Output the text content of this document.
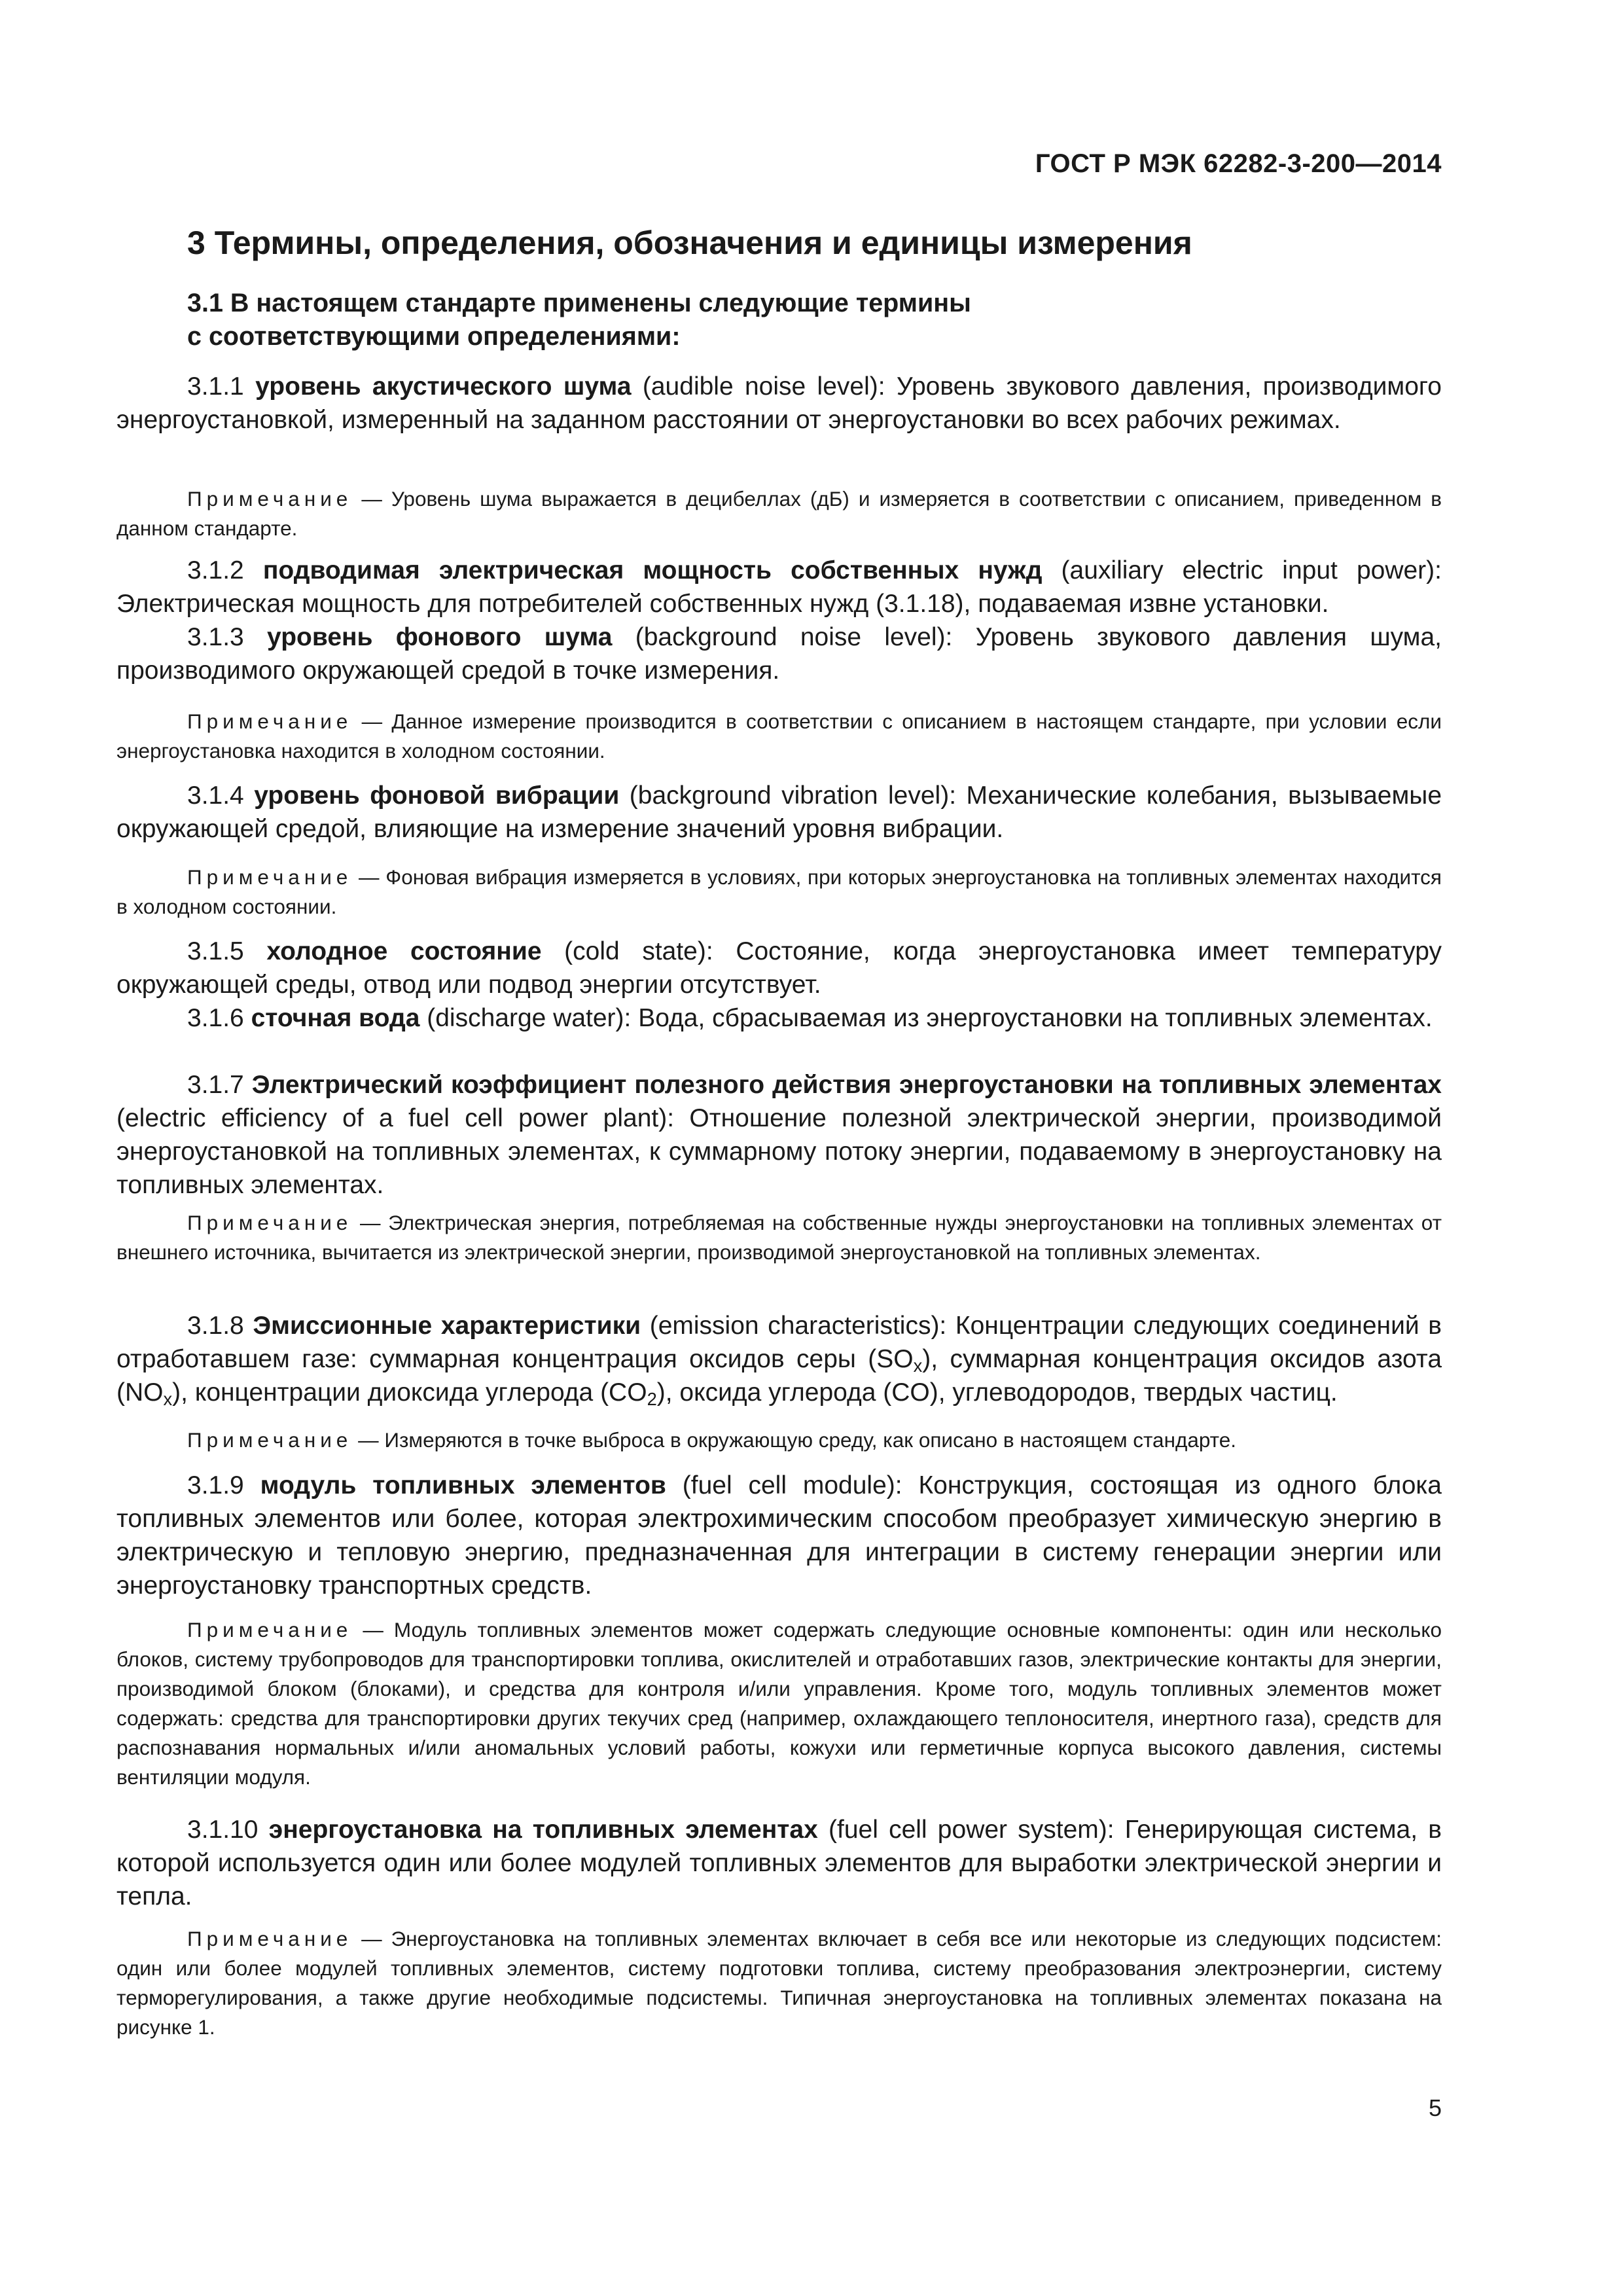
ГОСТ Р МЭК 62282-3-200—2014
3 Термины, определения, обозначения и единицы измерения
3.1 В настоящем стандарте применены следующие термины
с соответствующими определениями:

3.1.1 уровень акустического шума (audible noise level): Уровень звукового давления, производимого энергоустановкой, измеренный на заданном расстоянии от энергоустановки во всех рабочих режимах.

Примечание — Уровень шума выражается в децибеллах (дБ) и измеряется в соответствии с описанием, приведенном в данном стандарте.

3.1.2 подводимая электрическая мощность собственных нужд (auxiliary electric input power): Электрическая мощность для потребителей собственных нужд (3.1.18), подаваемая извне установки.

3.1.3 уровень фонового шума (background noise level): Уровень звукового давления шума, производимого окружающей средой в точке измерения.

Примечание — Данное измерение производится в соответствии с описанием в настоящем стандарте, при условии если энергоустановка находится в холодном состоянии.

3.1.4 уровень фоновой вибрации (background vibration level): Механические колебания, вызываемые окружающей средой, влияющие на измерение значений уровня вибрации.

Примечание — Фоновая вибрация измеряется в условиях, при которых энергоустановка на топливных элементах находится в холодном состоянии.

3.1.5 холодное состояние (cold state): Состояние, когда энергоустановка имеет температуру окружающей среды, отвод или подвод энергии отсутствует.

3.1.6 сточная вода (discharge water): Вода, сбрасываемая из энергоустановки на топливных элементах.

3.1.7 Электрический коэффициент полезного действия энергоустановки на топливных элементах (electric efficiency of a fuel cell power plant): Отношение полезной электрической энергии, производимой энергоустановкой на топливных элементах, к суммарному потоку энергии, подаваемому в энергоустановку на топливных элементах.

Примечание — Электрическая энергия, потребляемая на собственные нужды энергоустановки на топливных элементах от внешнего источника, вычитается из электрической энергии, производимой энергоустановкой на топливных элементах.

3.1.8 Эмиссионные характеристики (emission characteristics): Концентрации следующих соединений в отработавшем газе: суммарная концентрация оксидов серы $(SO_x)$, суммарная концентрация оксидов азота $(NO_x)$, концентрации диоксида углерода $(CO_2)$, оксида углерода (CO), углеводородов, твердых частиц.

Примечание — Измеряются в точке выброса в окружающую среду, как описано в настоящем стандарте.

3.1.9 модуль топливных элементов (fuel cell module): Конструкция, состоящая из одного блока топливных элементов или более, которая электрохимическим способом преобразует химическую энергию в электрическую и тепловую энергию, предназначенная для интеграции в систему генерации энергии или энергоустановку транспортных средств.

Примечание — Модуль топливных элементов может содержать следующие основные компоненты: один или несколько блоков, систему трубопроводов для транспортировки топлива, окислителей и отработавших газов, электрические контакты для энергии, производимой блоком (блоками), и средства для контроля и/или управления. Кроме того, модуль топливных элементов может содержать: средства для транспортировки других текучих сред (например, охлаждающего теплоносителя, инертного газа), средств для распознавания нормальных и/или аномальных условий работы, кожухи или герметичные корпуса высокого давления, системы вентиляции модуля.

3.1.10 энергоустановка на топливных элементах (fuel cell power system): Генерирующая система, в которой используется один или более модулей топливных элементов для выработки электрической энергии и тепла.

Примечание — Энергоустановка на топливных элементах включает в себя все или некоторые из следующих подсистем: один или более модулей топливных элементов, систему подготовки топлива, систему преобразования электроэнергии, систему терморегулирования, а также другие необходимые подсистемы. Типичная энергоустановка на топливных элементах показана на рисунке 1.

5
